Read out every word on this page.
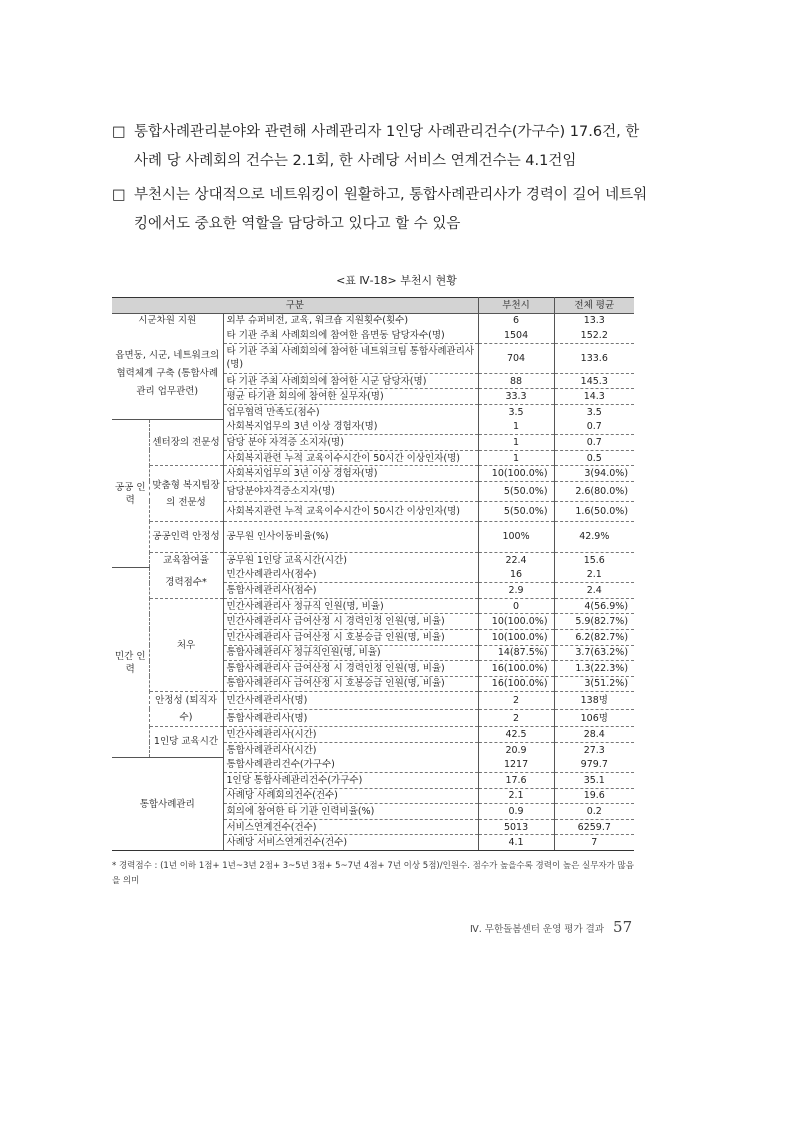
□ 통합사례관리분야와 관련해 사례관리자 1인당 사례관리건수(가구수) 17.6건, 한 사례 당 사례회의 건수는 2.1회, 한 사례당 서비스 연계건수는 4.1건임
□ 부천시는 상대적으로 네트워킹이 원활하고, 통합사례관리사가 경력이 길어 네트워킹에서도 중요한 역할을 담당하고 있다고 할 수 있음
<표 Ⅳ-18> 부천시 현황
구분			부천시	전체 평균
시군차원 지원		외부 슈퍼비전, 교육, 워크숍 지원횟수(횟수)	6	13.3
읍면동, 시군, 네트워크의 협력체계 구축 (통합사례 관리 업무관련)		타 기관 주최 사례회의에 참여한 읍면동 담당자수(명)	1504	152.2
		타 기관 주최 사례회의에 참여한 네트워크팀 통합사례관리사(명)	704	133.6
		타 기관 주최 사례회의에 참여한 시군 담당자(명)	88	145.3
		평균 타기관 회의에 참여한 실무자(명)	33.3	14.3
		업무협력 만족도(점수)	3.5	3.5

공공 인력	센터장의 전문성	사회복지업무의 3년 이상 경험자(명)	1	0.7
		담당 분야 자격증 소지자(명)	1	0.7
		사회복지관련 누적 교육이수시간이 50시간 이상인자(명)	1	0.5
	맞춤형 복지팀장의 전문성	사회복지업무의 3년 이상 경험자(명)	10(100.0%)	3(94.0%)
		담당분야자격증소지자(명)	5(50.0%)	2.6(80.0%)
		사회복지관련 누적 교육이수시간이 50시간 이상인자(명)	5(50.0%)	1.6(50.0%)
	공공인력 안정성	공무원 인사이동비율(%)	100%	42.9%
	교육참여율	공무원 1인당 교육시간(시간)	22.4	15.6
민간 인력	경력점수*	민간사례관리사(점수)	16	2.1
		통합사례관리사(점수)	2.9	2.4
	처우	민간사례관리사 정규직 인원(명, 비율)	0	4(56.9%)
		민간사례관리사 급여산정 시 경력인정 인원(명, 비율)	10(100.0%)	5.9(82.7%)
		민간사례관리사 급여산정 시 호봉승급 인원(명, 비율)	10(100.0%)	6.2(82.7%)
		통합사례관리사 정규직인원(명, 비율)	14(87.5%)	3.7(63.2%)
		통합사례관리사 급여산정 시 경력인정 인원(명, 비율)	16(100.0%)	1.3(22.3%)
		통합사례관리사 급여산정 시 호봉승급 인원(명, 비율)	16(100.0%)	3(51.2%)
	안정성 (퇴직자수)	민간사례관리사(명)	2	138명
		통합사례관리사(명)	2	106명
	1인당 교육시간	민간사례관리사(시간)	42.5	28.4
		통합사례관리사(시간)	20.9	27.3
통합사례관리		통합사례관리건수(가구수)	1217	979.7
		1인당 통합사례관리건수(가구수)	17.6	35.1
		사례당 사례회의건수(건수)	2.1	19.6
		회의에 참여한 타 기관 인력비율(%)	0.9	0.2
		서비스연계건수(건수)	5013	6259.7
		사례당 서비스연계건수(건수)	4.1	7
* 경력점수 : (1년 이하 1점+ 1년~3년 2점+ 3~5년 3점+ 5~7년 4점+ 7년 이상 5점)/인원수. 점수가 높을수록 경력이 높은 실무자가 많음을 의미
Ⅳ. 무한돌봄센터 운영 평가 결과 57
